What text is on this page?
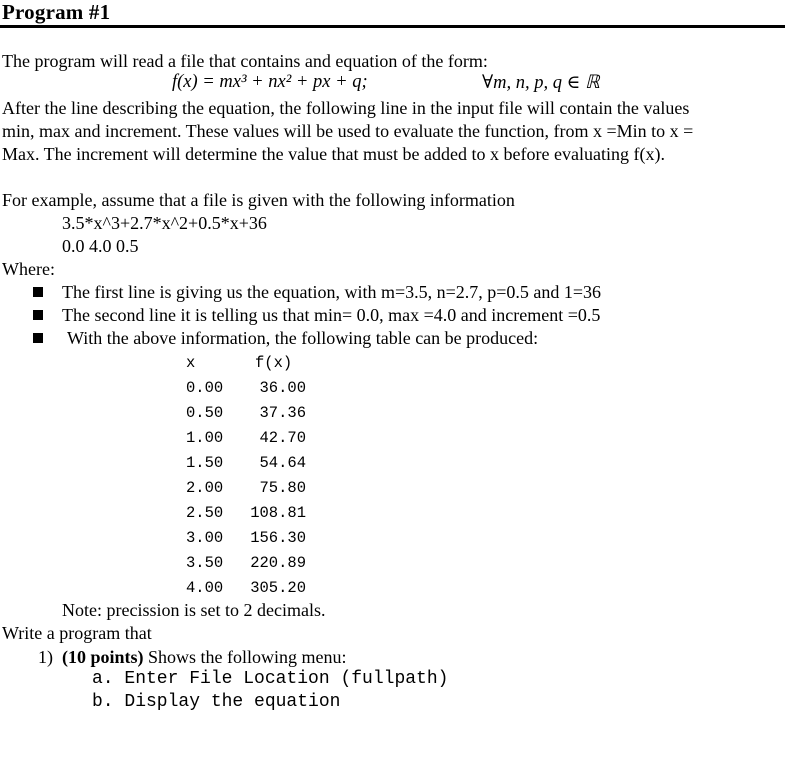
Program #1
The program will read a file that contains and equation of the form:
f(x) = mx³ + nx² + px + q;	∀m, n, p, q ∈ ℝ
After the line describing the equation, the following line in the input file will contain the values
min, max and increment. These values will be used to evaluate the function, from x =Min to x =
Max. The increment will determine the value that must be added to x before evaluating f(x).
For example, assume that a file is given with the following information
3.5*x^3+2.7*x^2+0.5*x+36
0.0 4.0 0.5
Where:
The first line is giving us the equation, with m=3.5, n=2.7, p=0.5 and 1=36
The second line it is telling us that min= 0.0, max =4.0 and increment =0.5
With the above information, the following table can be produced:
x	f(x)
0.00	36.00
0.50	37.36
1.00	42.70
1.50	54.64
2.00	75.80
2.50	108.81
3.00	156.30
3.50	220.89
4.00	305.20
Note: precission is set to 2 decimals.
Write a program that
1) (10 points) Shows the following menu:
a. Enter File Location (fullpath)
b. Display the equation
